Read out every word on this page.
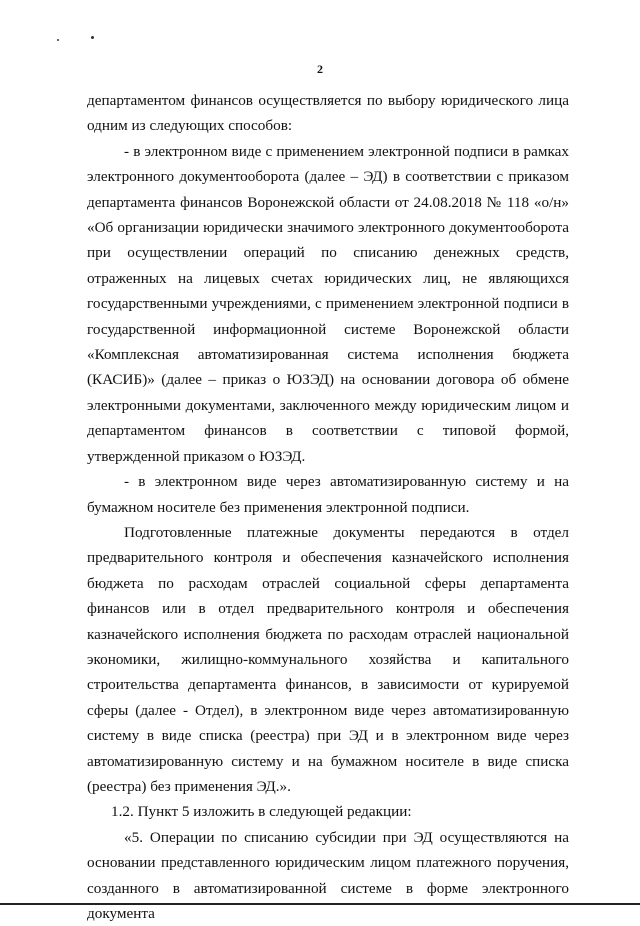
2

департаментом финансов осуществляется по выбору юридического лица одним из следующих способов:

- в электронном виде с применением электронной подписи в рамках электронного документооборота (далее – ЭД) в соответствии с приказом департамента финансов Воронежской области от 24.08.2018 № 118 «о/н» «Об организации юридически значимого электронного документооборота при осуществлении операций по списанию денежных средств, отраженных на лицевых счетах юридических лиц, не являющихся государственными учреждениями, с применением электронной подписи в государственной информационной системе Воронежской области «Комплексная автоматизированная система исполнения бюджета (КАСИБ)» (далее – приказ о ЮЗЭД) на основании договора об обмене электронными документами, заключенного между юридическим лицом и департаментом финансов в соответствии с типовой формой, утвержденной приказом о ЮЗЭД.

- в электронном виде через автоматизированную систему и на бумажном носителе без применения электронной подписи.

Подготовленные платежные документы передаются в отдел предварительного контроля и обеспечения казначейского исполнения бюджета по расходам отраслей социальной сферы департамента финансов или в отдел предварительного контроля и обеспечения казначейского исполнения бюджета по расходам отраслей национальной экономики, жилищно-коммунального хозяйства и капитального строительства департамента финансов, в зависимости от курируемой сферы (далее - Отдел), в электронном виде через автоматизированную систему в виде списка (реестра) при ЭД и в электронном виде через автоматизированную систему и на бумажном носителе в виде списка (реестра) без применения ЭД.».

1.2. Пункт 5 изложить в следующей редакции:

«5. Операции по списанию субсидии при ЭД осуществляются на основании представленного юридическим лицом платежного поручения, созданного в автоматизированной системе в форме электронного документа
